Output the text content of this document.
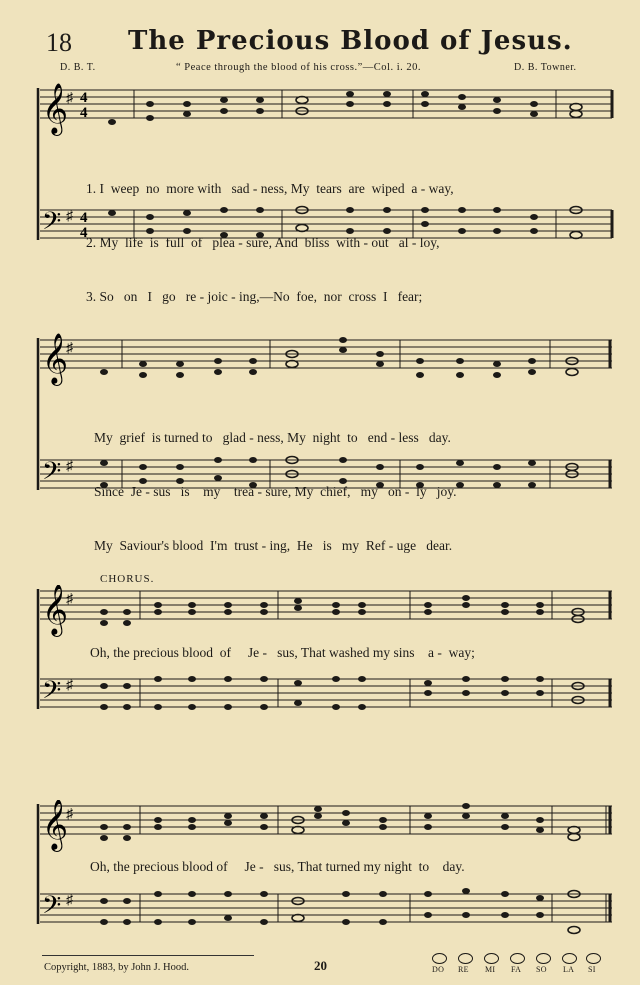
18 The Precious Blood of Jesus.
D. B. T.	“ Peace through the blood of his cross.”—Col. i. 20.	D. B. Towner.
𝄞
♯ 4
4
𝄢 ♯ 4
4

1. I  weep  no  more with   sad - ness, My  tears  are  wiped  a - way,

2. My  life  is  full  of   plea - sure, And  bliss  with - out   al - loy,

3. So   on   I   go   re - joic - ing,—No  foe,  nor  cross  I   fear;

𝄞
♯
𝄢 ♯

My  grief  is turned to   glad - ness, My  night  to   end - less   day.

Since  Je - sus   is    my    trea - sure, My  chief,   my   on -  ly   joy.

My  Saviour's blood  I'm  trust - ing,  He   is   my  Ref - uge   dear.

CHORUS.
𝄞
♯
𝄢 ♯
Oh, the precious blood  of     Je -   sus, That washed my sins    a -  way;
𝄞
♯
𝄢 ♯
Oh, the precious blood of     Je -   sus, That turned my night  to    day.
Copyright, 1883, by John J. Hood.	20	DO RE MI FA SO LA SI
